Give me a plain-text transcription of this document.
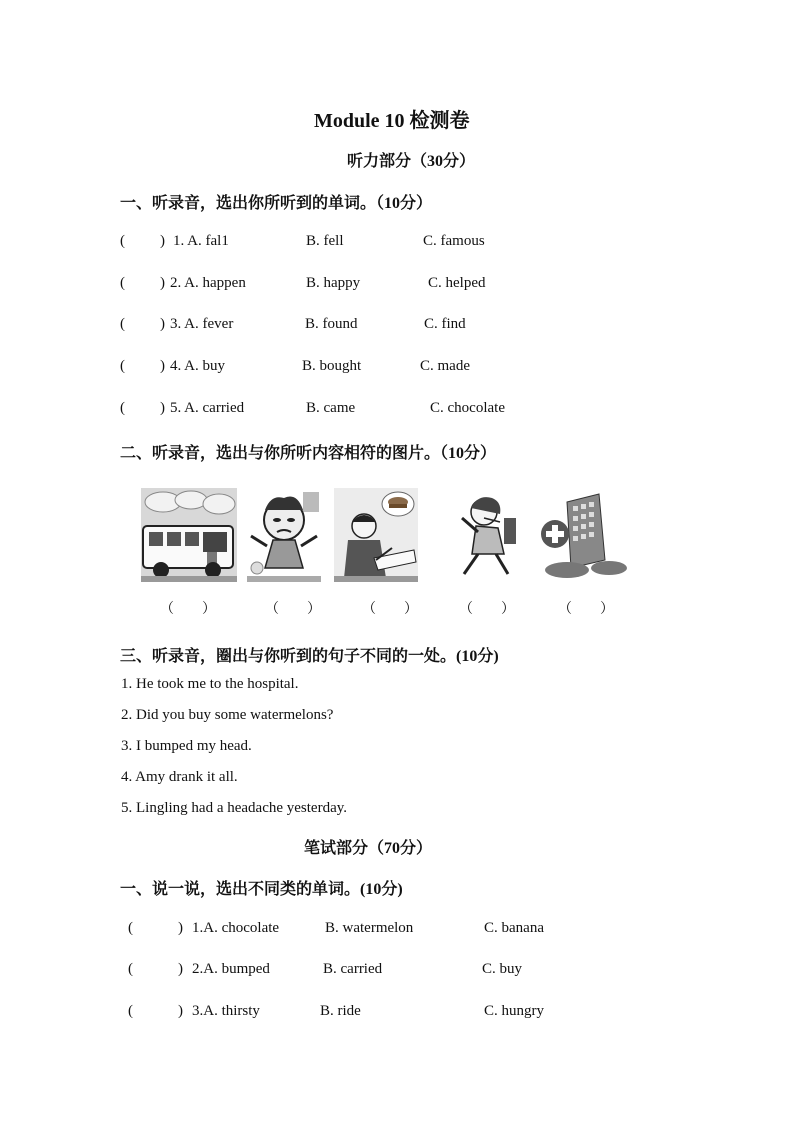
Module 10 检测卷
听力部分（30分）
一、听录音，选出你所听到的单词。（10分）
( ) 1. A. fal1	B. fell	C. famous
( ) 2. A. happen	B. happy	C. helped
( ) 3. A. fever	B. found	C. find
( ) 4. A. buy	B. bought	C. made
( ) 5. A. carried	B. came	C. chocolate
二、听录音，选出与你所听内容相符的图片。（10分）
（　　）	（　　）	（　　）	（　　）	（　　）
三、听录音，圈出与你听到的句子不同的一处。(10分)
1. He took me to the hospital.
2. Did you buy some watermelons?
3. I bumped my head.
4. Amy drank it all.
5. Lingling had a headache yesterday.
笔试部分（70分）
一、说一说，选出不同类的单词。(10分)
(	) 1.A. chocolate	B. watermelon	C. banana
(	) 2.A. bumped	B. carried	C. buy
(	) 3.A. thirsty	B. ride	C. hungry
